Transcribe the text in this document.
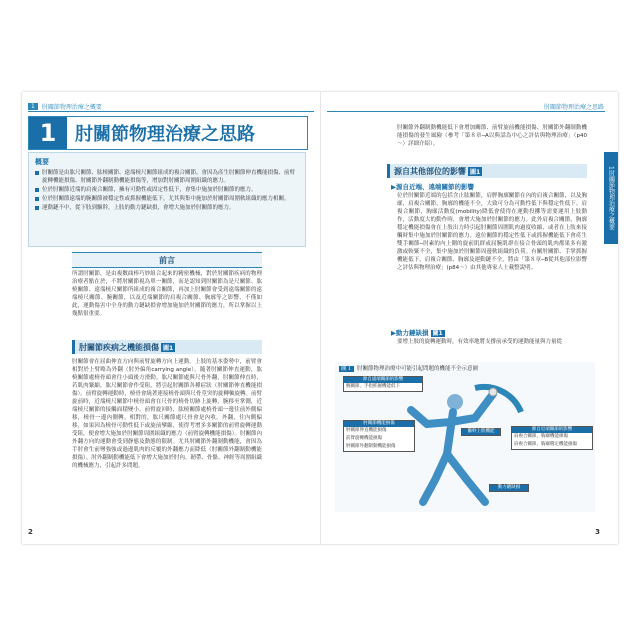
1	肘關節物理治療之概要
1	肘關節物理治療之思路
概要
肘關節是由肱尺關節、肱橈關節、遠端橈尺關節組成的複合關節，會因為產生肘關節伸直機能損傷、前臂旋轉機能損傷、肘關節外翻制動機能損傷等，增加對肘關節周圍組織的應力。
位於肘關節近端的肩複合關節，擁有可動性或固定性低下，會集中施加於肘關節的應力。
位於肘關節遠端的腕關節被穩定性或抓握機能低下，尤其與集中施加於肘關節周圍軟組織的應力相關。
運動鏈不中，從下肢到驅幹，上肢的動力鏈缺損，會增大施加於肘關節的應力。
前言
所謂肘關節，是由複數曲棒巧妙組合起來的精密機械，對於肘關節疾病的物理治療者點在於，不將肘關節視為單一關節，而是認知到肘關節為是尺關節、肱橈關節、遠端橈尺關節所組成的複合關節，再加上肘關節會受到遠端關節的遠端橈尺關節、腕關節，以及近端關節的肩複合關節、胸廓等之影響，不僅如此，運動傷害中全身的動力鏈缺損會增加施加於肘關節的應力，所以掌握以上幾點很重要。
肘關節疾病之機能損傷 圖1
肘關節會在屈曲伸直方向與前臂旋轉方向上運動。上肢的基本姿勢中，前臂會相對於上臂略為外翻（肘外偏角carrying angle）。隨著肘關節伸直運動，肱橈關節處橈骨頭會往小頭後方滑動。肱尺關節處與尺骨外翻，肘關節伸直時，若肌肉緊縮，肱尺關節會作受阻，將引起肘關節各種症狀（肘關節伸直機能損傷）。前臂旋轉運動時，橈骨會繞著連接橈骨頭與尺骨莖突的旋轉軸旋轉。前臂旋前時，近端橈尺關節中橈骨頭會在尺骨的橈骨切跡上旋轉，腕移至掌側，近端橈尺關節的接觸面積變小。前臂旋回時，肱橈關節處橈骨頭一邊往前外側偏移，橈骨一邊內側轉。相對的，肱尺關節處尺骨會是內收。外翻，往內側偏移，如果因為橈骨可動性低下或旋前攣縮，使得考增多多關節的前臂旋轉運動受阻，便會增大施加於肘關節周圍組織的應力（前臂旋轉機能損傷）。肘關節內外翻方向的運動會受到靜態及動態的限制。尤其肘關節外翻制動機能，會因為手肘會生前彎強強或過邊肌肉的反覆的外翻應力而降低（肘關節外翻制動機能損傷）。肘外翻制動機能低下會增大施加於肘內、韌帶、骨骼、神經等周圍組織的機械應力，引起許多問題。
2
肘關節物理治療之思路
1
肘關節物理治療之概要
肘關節外翻制動機能低下會增加關節、前臂旋前機能損傷、肘關節外翻制動機能損傷的發生風險（參考「第８章─A以與話為中心之評估與物理治療」（p40～）詳細介紹）。
源自其他部位的影響 圖1
▶源自近端、遠端關節的影響
位於肘關節近端的包括含止肱關節，肩胛胸廓關節在內的肩複合關節，以及胸廓，肩複合關節，胸廓的機能不全，大致可分為可動性低下與穩定性低下。肩複合關節，胸廓活動度(mobility)降低會使得在運動投擲等需要運用上肢動作，活動度大的動作時，會增大施加於肘關節的應力。此外肩複合關節，胸廓穩定機能損傷會在上肢出力時引起肘關節周圍肌肉過度收縮，或者在上肢來接觸時集中施加於肘關節的應力。遠位關節的穩定性低下或抓握機能低下會產生雙手關節─肘素的內上側的旋前肌群或屈腕肌群在接合骨頭的肌肉都果多有激激或較緊不全，集中施加於肘關節周邊軟組織的負荷。有關肘關節、手掌抓握機能低下，肩複合關節、胸廓及運動鏈不全，將由「第８章─B從其他部位影響之評估與物理治療」(p84～）由其他專家人士載整說明。
▶動力鏈缺損 圖1
要增上肢的旋轉運動時，有效率地將支撐前承受的運動能量與力量從
圖１ 肘關節物理治療中可能引起問題的機能不全示意圖
源自遠端關節的影響
腕關節、手指抓握機能低下
肘關節機能損傷
肘關節伸直機能損傷
前臂旋轉機能損傷
肘關節外翻制動機能損傷
源自近端關節的影響
肩複合關節、胸廓機能損傷
肩複合關節、胸廓穩定機能損傷
軀幹上肢機能
動力鏈缺損
3
